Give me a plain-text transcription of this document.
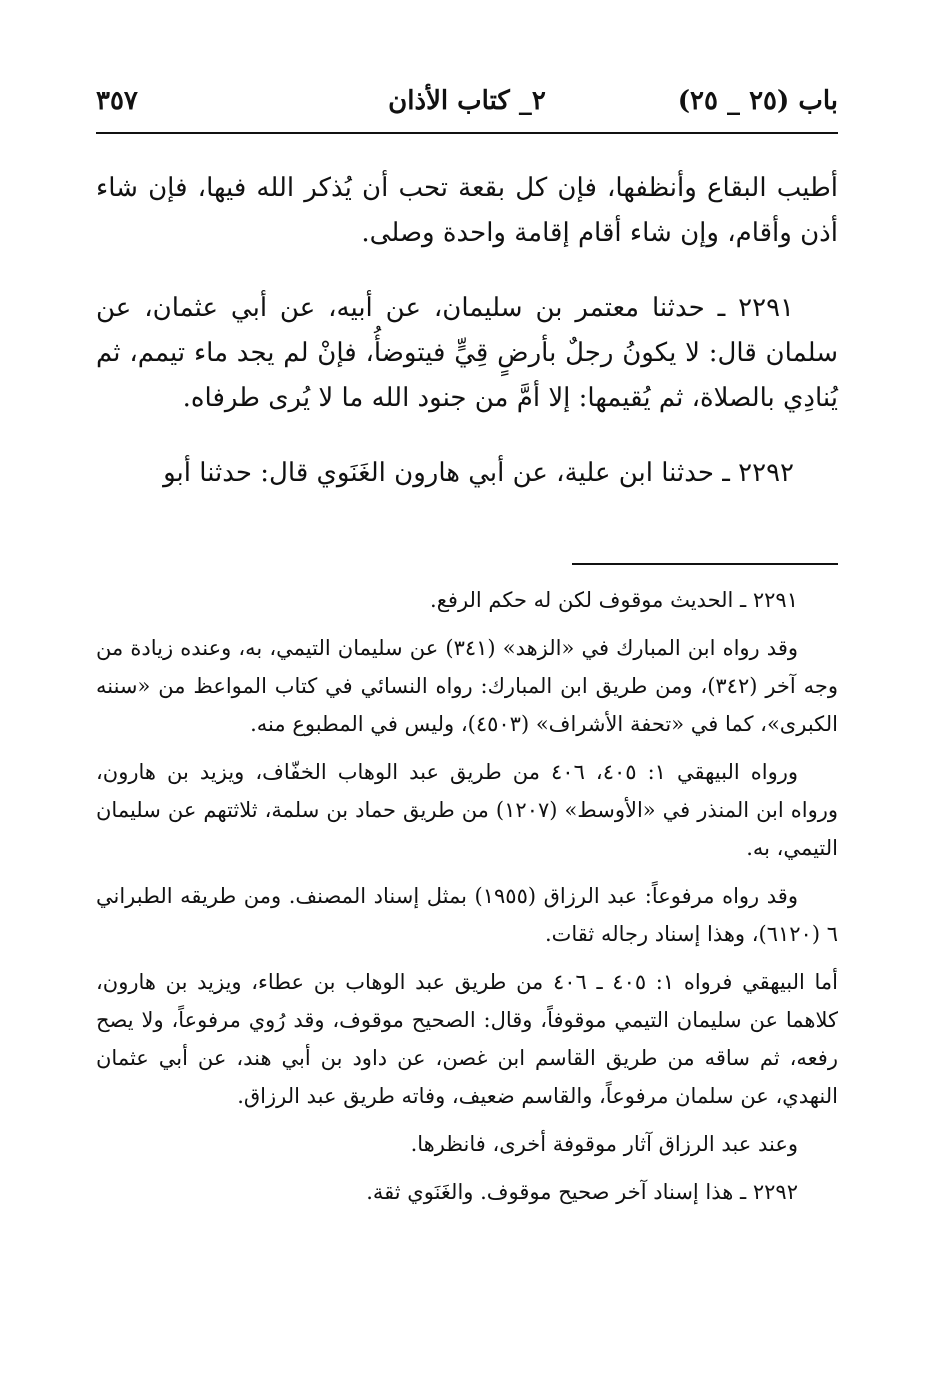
باب (٢٥ _ ٢٥)
٢_ كتاب الأذان
٣٥٧

أطيب البقاع وأنظفها، فإن كل بقعة تحب أن يُذكر الله فيها، فإن شاء أذن وأقام، وإن شاء أقام إقامة واحدة وصلى.

٢٢٩١ ـ حدثنا معتمر بن سليمان، عن أبيه، عن أبي عثمان، عن سلمان قال: لا يكونُ رجلٌ بأرضٍ قِيٍّ فيتوضأُ، فإنْ لم يجد ماء تيمم، ثم يُنادِي بالصلاة، ثم يُقيمها: إلا أمَّ من جنود الله ما لا يُرى طرفاه.

٢٢٩٢ ـ حدثنا ابن علية، عن أبي هارون الغَنَوي قال: حدثنا أبو

٢٢٩١ ـ الحديث موقوف لكن له حكم الرفع.

وقد رواه ابن المبارك في «الزهد» (٣٤١) عن سليمان التيمي، به، وعنده زيادة من وجه آخر (٣٤٢)، ومن طريق ابن المبارك: رواه النسائي في كتاب المواعظ من «سننه الكبرى»، كما في «تحفة الأشراف» (٤٥٠٣)، وليس في المطبوع منه.

ورواه البيهقي ١: ٤٠٥، ٤٠٦ من طريق عبد الوهاب الخفّاف، ويزيد بن هارون، ورواه ابن المنذر في «الأوسط» (١٢٠٧) من طريق حماد بن سلمة، ثلاثتهم عن سليمان التيمي، به.

وقد رواه مرفوعاً: عبد الرزاق (١٩٥٥) بمثل إسناد المصنف. ومن طريقه الطبراني ٦ (٦١٢٠)، وهذا إسناد رجاله ثقات.

أما البيهقي فرواه ١: ٤٠٥ ـ ٤٠٦ من طريق عبد الوهاب بن عطاء، ويزيد بن هارون، كلاهما عن سليمان التيمي موقوفاً، وقال: الصحيح موقوف، وقد رُوي مرفوعاً، ولا يصح رفعه، ثم ساقه من طريق القاسم ابن غصن، عن داود بن أبي هند، عن أبي عثمان النهدي، عن سلمان مرفوعاً، والقاسم ضعيف، وفاته طريق عبد الرزاق.

وعند عبد الرزاق آثار موقوفة أخرى، فانظرها.

٢٢٩٢ ـ هذا إسناد آخر صحيح موقوف. والغَنَوي ثقة.
